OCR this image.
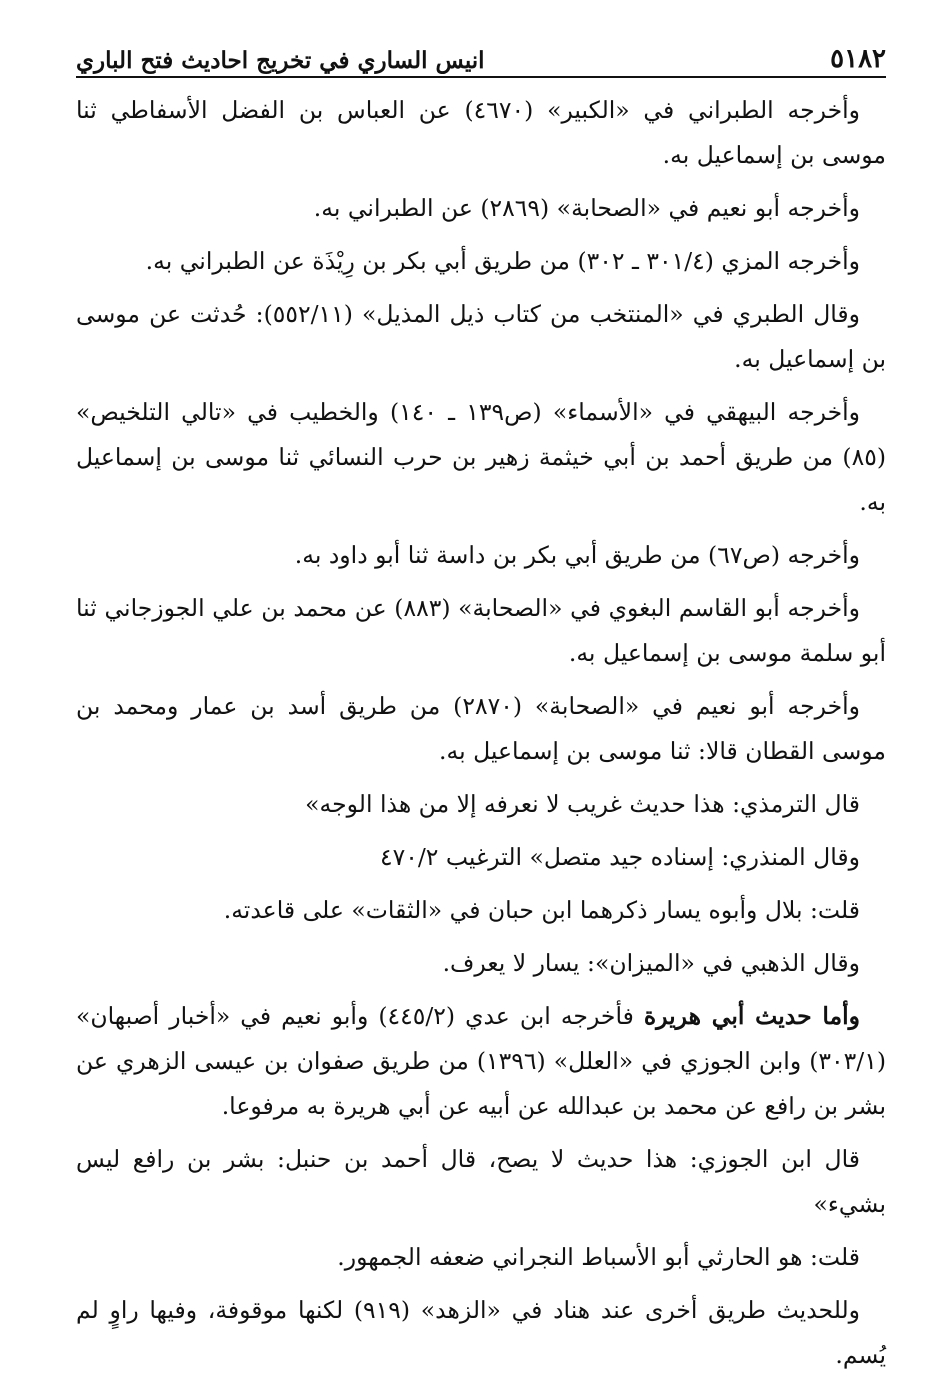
٥١٨٢
انيس الساري في تخريج احاديث فتح الباري

وأخرجه الطبراني في «الكبير» (٤٦٧٠) عن العباس بن الفضل الأسفاطي ثنا موسى بن إسماعيل به.

وأخرجه أبو نعيم في «الصحابة» (٢٨٦٩) عن الطبراني به.

وأخرجه المزي (٣٠١/٤ ـ ٣٠٢) من طريق أبي بكر بن رِيْذَة عن الطبراني به.

وقال الطبري في «المنتخب من كتاب ذيل المذيل» (٥٥٢/١١): حُدثت عن موسى بن إسماعيل به.

وأخرجه البيهقي في «الأسماء» (ص١٣٩ ـ ١٤٠) والخطيب في «تالي التلخيص» (٨٥) من طريق أحمد بن أبي خيثمة زهير بن حرب النسائي ثنا موسى بن إسماعيل به.

وأخرجه (ص٦٧) من طريق أبي بكر بن داسة ثنا أبو داود به.

وأخرجه أبو القاسم البغوي في «الصحابة» (٨٨٣) عن محمد بن علي الجوزجاني ثنا أبو سلمة موسى بن إسماعيل به.

وأخرجه أبو نعيم في «الصحابة» (٢٨٧٠) من طريق أسد بن عمار ومحمد بن موسى القطان قالا: ثنا موسى بن إسماعيل به.

قال الترمذي: هذا حديث غريب لا نعرفه إلا من هذا الوجه»

وقال المنذري: إسناده جيد متصل» الترغيب ٤٧٠/٢

قلت: بلال وأبوه يسار ذكرهما ابن حبان في «الثقات» على قاعدته.

وقال الذهبي في «الميزان»: يسار لا يعرف.

وأما حديث أبي هريرة فأخرجه ابن عدي (٤٤٥/٢) وأبو نعيم في «أخبار أصبهان» (٣٠٣/١) وابن الجوزي في «العلل» (١٣٩٦) من طريق صفوان بن عيسى الزهري عن بشر بن رافع عن محمد بن عبدالله عن أبيه عن أبي هريرة به مرفوعا.

قال ابن الجوزي: هذا حديث لا يصح، قال أحمد بن حنبل: بشر بن رافع ليس بشيء»

قلت: هو الحارثي أبو الأسباط النجراني ضعفه الجمهور.

وللحديث طريق أخرى عند هناد في «الزهد» (٩١٩) لكنها موقوفة، وفيها راوٍ لم يُسم.
